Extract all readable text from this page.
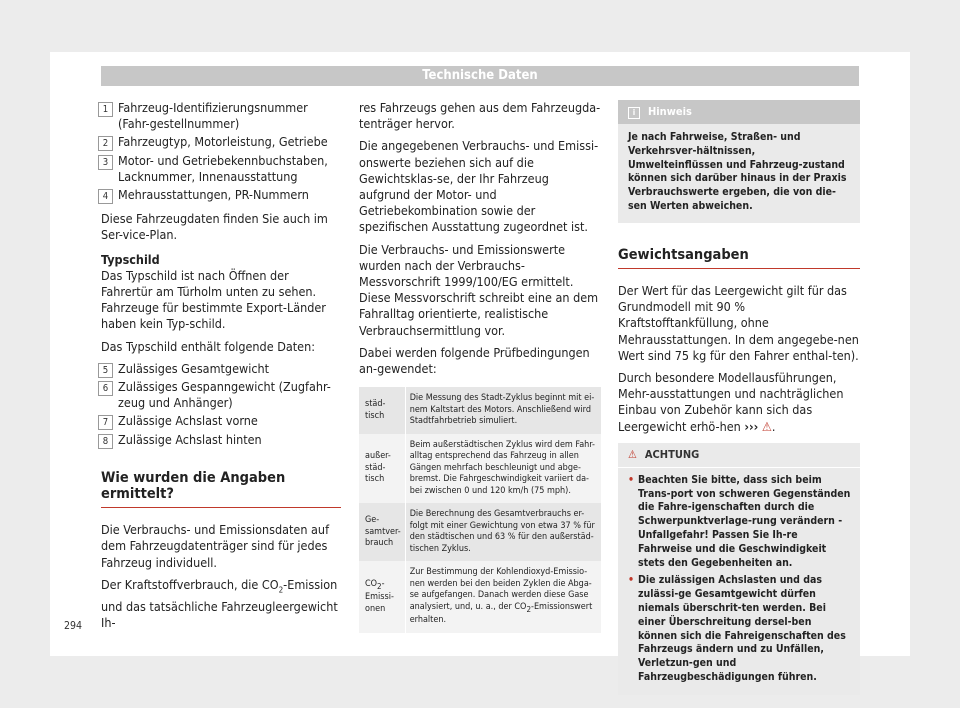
Technische Daten
1 Fahrzeug-Identifizierungsnummer (Fahr-gestellnummer)
2 Fahrzeugtyp, Motorleistung, Getriebe
3 Motor- und Getriebekennbuchstaben, Lacknummer, Innenausstattung
4 Mehrausstattungen, PR-Nummern

Diese Fahrzeugdaten finden Sie auch im Ser-vice-Plan.

Typschild

Das Typschild ist nach Öffnen der Fahrertür am Türholm unten zu sehen. Fahrzeuge für bestimmte Export-Länder haben kein Typ-schild.

Das Typschild enthält folgende Daten:

5 Zulässiges Gesamtgewicht
6 Zulässiges Gespanngewicht (Zugfahr-zeug und Anhänger)
7 Zulässige Achslast vorne
8 Zulässige Achslast hinten
Wie wurden die Angaben ermittelt?

Die Verbrauchs- und Emissionsdaten auf dem Fahrzeugdatenträger sind für jedes Fahrzeug individuell.

Der Kraftstoffverbrauch, die $CO_2$-Emission und das tatsächliche Fahrzeugleergewicht Ih-

res Fahrzeugs gehen aus dem Fahrzeugda-tenträger hervor.

Die angegebenen Verbrauchs- und Emissi-onswerte beziehen sich auf die Gewichtsklas-se, der Ihr Fahrzeug aufgrund der Motor- und Getriebekombination sowie der spezifischen Ausstattung zugeordnet ist.

Die Verbrauchs- und Emissionswerte wurden nach der Verbrauchs-Messvorschrift 1999/100/EG ermittelt. Diese Messvorschrift schreibt eine an dem Fahralltag orientierte, realistische Verbrauchsermittlung vor.

Dabei werden folgende Prüfbedingungen an-gewendet:

städ-tisch	Die Messung des Stadt-Zyklus beginnt mit ei-nem Kaltstart des Motors. Anschließend wird Stadtfahrbetrieb simuliert.
außer-städ-tisch	Beim außerstädtischen Zyklus wird dem Fahr-alltag entsprechend das Fahrzeug in allen Gängen mehrfach beschleunigt und abge-bremst. Die Fahrgeschwindigkeit variiert da-bei zwischen 0 und 120 km/h (75 mph).
Ge-samtver-brauch	Die Berechnung des Gesamtverbrauchs er-folgt mit einer Gewichtung von etwa 37 % für den städtischen und 63 % für den außerstäd-tischen Zyklus.
$CO_2-Emissi$-onen	Zur Bestimmung der Kohlendioxyd-Emissio-nen werden bei den beiden Zyklen die Abga-se aufgefangen. Danach werden diese Gase analysiert, und, u. a., der $CO_2$-Emissionswert erhalten.
i Hinweis
Je nach Fahrweise, Straßen- und Verkehrsver-hältnissen, Umwelteinflüssen und Fahrzeug-zustand können sich darüber hinaus in der Praxis Verbrauchswerte ergeben, die von die-sen Werten abweichen.
Gewichtsangaben

Der Wert für das Leergewicht gilt für das Grundmodell mit 90 % Kraftstofftankfüllung, ohne Mehrausstattungen. In dem angegebe-nen Wert sind 75 kg für den Fahrer enthal-ten).

Durch besondere Modellausführungen, Mehr-ausstattungen und nachträglichen Einbau von Zubehör kann sich das Leergewicht erhö-hen ››› ⚠.

⚠ ACHTUNG
• Beachten Sie bitte, dass sich beim Trans-port von schweren Gegenständen die Fahre-igenschaften durch die Schwerpunktverlage-rung verändern - Unfallgefahr! Passen Sie Ih-re Fahrweise und die Geschwindigkeit stets den Gegebenheiten an.
• Die zulässigen Achslasten und das zulässi-ge Gesamtgewicht dürfen niemals überschrit-ten werden. Bei einer Überschreitung dersel-ben können sich die Fahreigenschaften des Fahrzeugs ändern und zu Unfällen, Verletzun-gen und Fahrzeugbeschädigungen führen.
294
